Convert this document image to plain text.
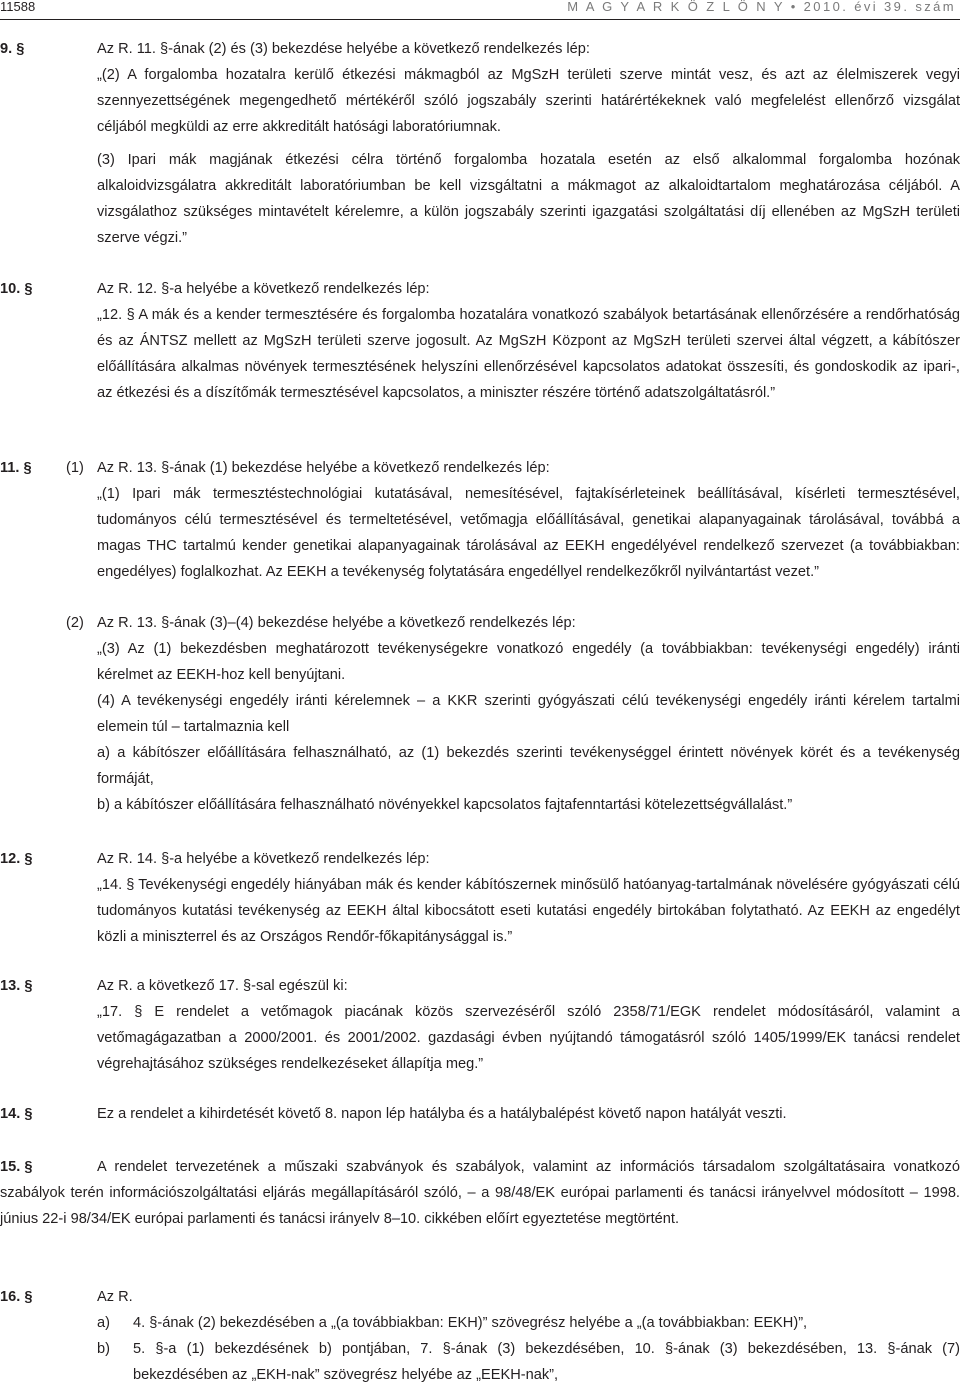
11588	M A G Y A R K Ö Z L Ö N Y • 2010. évi 39. szám
9. §	Az R. 11. §-ának (2) és (3) bekezdése helyébe a következő rendelkezés lép:
„(2) A forgalomba hozatalra kerülő étkezési mákmagból az MgSzH területi szerve mintát vesz, és azt az élelmiszerek vegyi szennyezettségének megengedhető mértékéről szóló jogszabály szerinti határértékeknek való megfelelést ellenőrző vizsgálat céljából megküldi az erre akkreditált hatósági laboratóriumnak.
(3) Ipari mák magjának étkezési célra történő forgalomba hozatala esetén az első alkalommal forgalomba hozónak alkaloidvizsgálatra akkreditált laboratóriumban be kell vizsgáltatni a mákmagot az alkaloidtartalom meghatározása céljából. A vizsgálathoz szükséges mintavételt kérelemre, a külön jogszabály szerinti igazgatási szolgáltatási díj ellenében az MgSzH területi szerve végzi.”
10. §	Az R. 12. §-a helyébe a következő rendelkezés lép:
„12. § A mák és a kender termesztésére és forgalomba hozatalára vonatkozó szabályok betartásának ellenőrzésére a rendőrhatóság és az ÁNTSZ mellett az MgSzH területi szerve jogosult. Az MgSzH Központ az MgSzH területi szervei által végzett, a kábítószer előállítására alkalmas növények termesztésének helyszíni ellenőrzésével kapcsolatos adatokat összesíti, és gondoskodik az ipari-, az étkezési és a díszítőmák termesztésével kapcsolatos, a miniszter részére történő adatszolgáltatásról.”
11. § (1) Az R. 13. §-ának (1) bekezdése helyébe a következő rendelkezés lép:
„(1) Ipari mák termesztéstechnológiai kutatásával, nemesítésével, fajtakísérleteinek beállításával, kísérleti termesztésével, tudományos célú termesztésével és termeltetésével, vetőmagja előállításával, genetikai alapanyagainak tárolásával, továbbá a magas THC tartalmú kender genetikai alapanyagainak tárolásával az EEKH engedélyével rendelkező szervezet (a továbbiakban: engedélyes) foglalkozhat. Az EEKH a tevékenység folytatására engedéllyel rendelkezőkről nyilvántartást vezet.”
(2) Az R. 13. §-ának (3)–(4) bekezdése helyébe a következő rendelkezés lép:
„(3) Az (1) bekezdésben meghatározott tevékenységekre vonatkozó engedély (a továbbiakban: tevékenységi engedély) iránti kérelmet az EEKH-hoz kell benyújtani.
(4) A tevékenységi engedély iránti kérelemnek – a KKR szerinti gyógyászati célú tevékenységi engedély iránti kérelem tartalmi elemein túl – tartalmaznia kell
a) a kábítószer előállítására felhasználható, az (1) bekezdés szerinti tevékenységgel érintett növények körét és a tevékenység formáját,
b) a kábítószer előállítására felhasználható növényekkel kapcsolatos fajtafenntartási kötelezettségvállalást.”
12. §	Az R. 14. §-a helyébe a következő rendelkezés lép:
„14. § Tevékenységi engedély hiányában mák és kender kábítószernek minősülő hatóanyag-tartalmának növelésére gyógyászati célú tudományos kutatási tevékenység az EEKH által kibocsátott eseti kutatási engedély birtokában folytatható. Az EEKH az engedélyt közli a miniszterrel és az Országos Rendőr-főkapitánysággal is.”
13. §	Az R. a következő 17. §-sal egészül ki:
„17. § E rendelet a vetőmagok piacának közös szervezéséről szóló 2358/71/EGK rendelet módosításáról, valamint a vetőmagágazatban a 2000/2001. és 2001/2002. gazdasági évben nyújtandó támogatásról szóló 1405/1999/EK tanácsi rendelet végrehajtásához szükséges rendelkezéseket állapítja meg.”
14. §	Ez a rendelet a kihirdetését követő 8. napon lép hatályba és a hatálybalépést követő napon hatályát veszti.
15. §	A rendelet tervezetének a műszaki szabványok és szabályok, valamint az információs társadalom szolgáltatásaira vonatkozó szabályok terén információszolgáltatási eljárás megállapításáról szóló, – a 98/48/EK európai parlamenti és tanácsi irányelvvel módosított – 1998. június 22-i 98/34/EK európai parlamenti és tanácsi irányelv 8–10. cikkében előírt egyeztetése megtörtént.
16. §	Az R.
a) 4. §-ának (2) bekezdésében a „(a továbbiakban: EKH)” szövegrész helyébe a „(a továbbiakban: EEKH)”,
b) 5. §-a (1) bekezdésének b) pontjában, 7. §-ának (3) bekezdésében, 10. §-ának (3) bekezdésében, 13. §-ának (7) bekezdésében az „EKH-nak” szövegrész helyébe az „EEKH-nak”,
